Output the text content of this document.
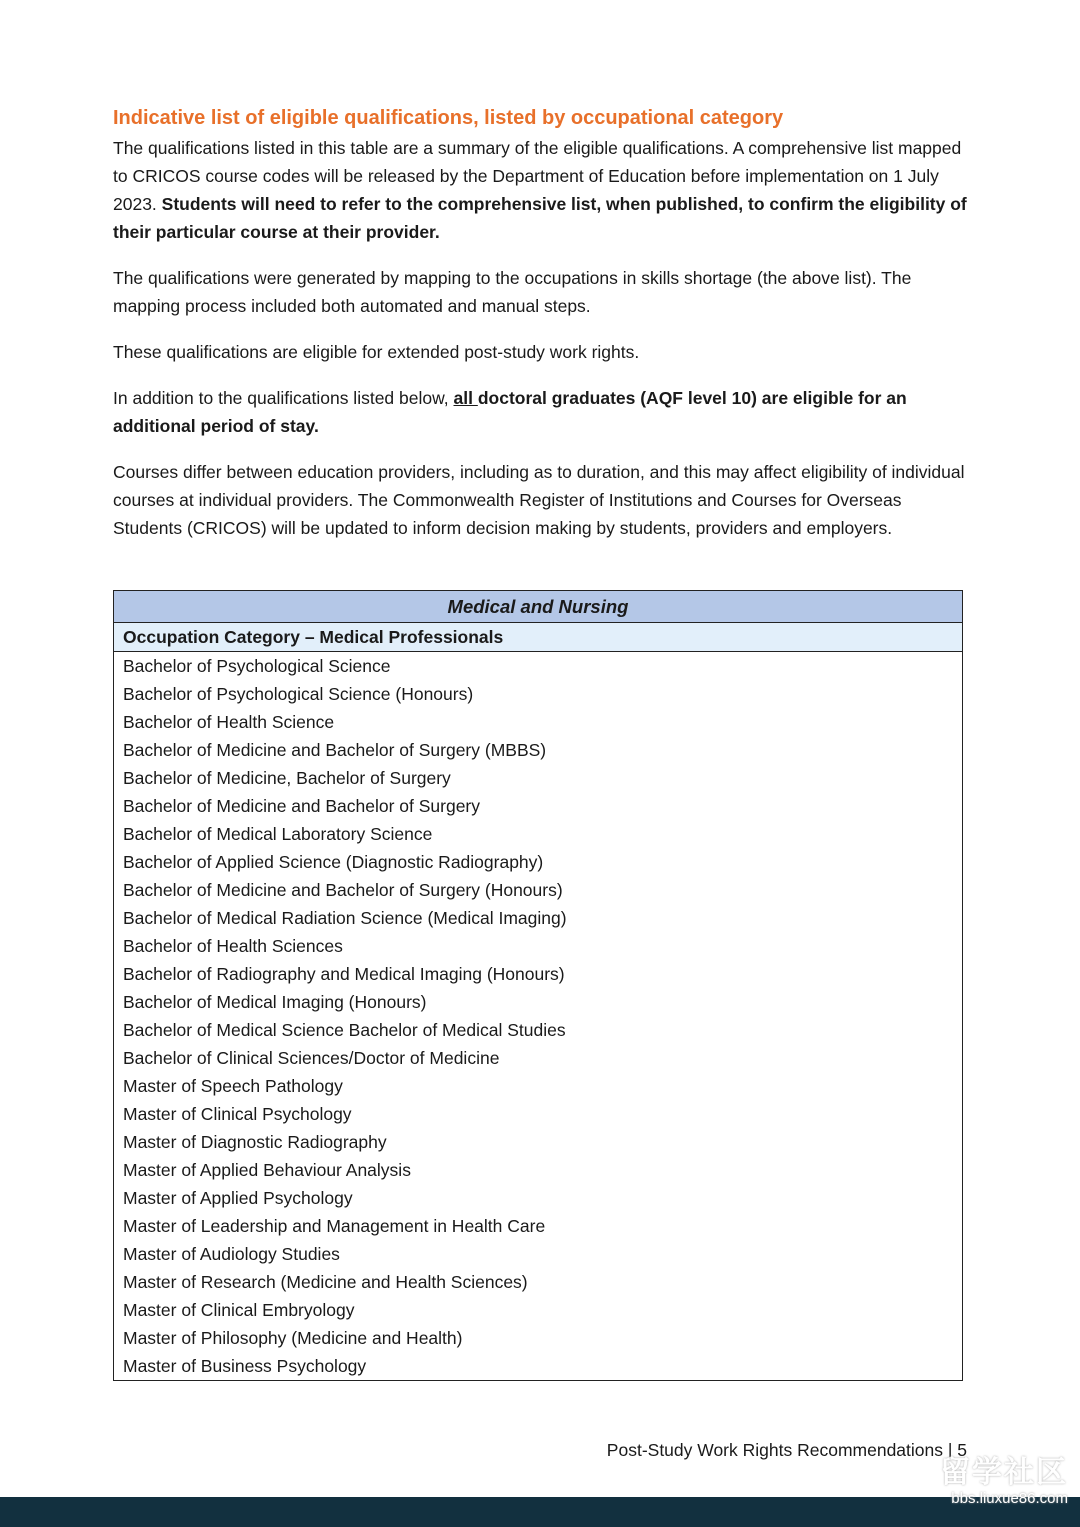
Indicative list of eligible qualifications, listed by occupational category

The qualifications listed in this table are a summary of the eligible qualifications. A comprehensive list mapped to CRICOS course codes will be released by the Department of Education before implementation on 1 July 2023. Students will need to refer to the comprehensive list, when published, to confirm the eligibility of their particular course at their provider.

The qualifications were generated by mapping to the occupations in skills shortage (the above list). The mapping process included both automated and manual steps.

These qualifications are eligible for extended post-study work rights.

In addition to the qualifications listed below, all doctoral graduates (AQF level 10) are eligible for an additional period of stay.

Courses differ between education providers, including as to duration, and this may affect eligibility of individual courses at individual providers. The Commonwealth Register of Institutions and Courses for Overseas Students (CRICOS) will be updated to inform decision making by students, providers and employers.

Medical and Nursing
Occupation Category – Medical Professionals
Bachelor of Psychological Science
Bachelor of Psychological Science (Honours)
Bachelor of Health Science
Bachelor of Medicine and Bachelor of Surgery (MBBS)
Bachelor of Medicine, Bachelor of Surgery
Bachelor of Medicine and Bachelor of Surgery
Bachelor of Medical Laboratory Science
Bachelor of Applied Science (Diagnostic Radiography)
Bachelor of Medicine and Bachelor of Surgery (Honours)
Bachelor of Medical Radiation Science (Medical Imaging)
Bachelor of Health Sciences
Bachelor of Radiography and Medical Imaging (Honours)
Bachelor of Medical Imaging (Honours)
Bachelor of Medical Science Bachelor of Medical Studies
Bachelor of Clinical Sciences/Doctor of Medicine
Master of Speech Pathology
Master of Clinical Psychology
Master of Diagnostic Radiography
Master of Applied Behaviour Analysis
Master of Applied Psychology
Master of Leadership and Management in Health Care
Master of Audiology Studies
Master of Research (Medicine and Health Sciences)
Master of Clinical Embryology
Master of Philosophy (Medicine and Health)
Master of Business Psychology
Post-Study Work Rights Recommendations | 5
留学社区
bbs.liuxue86.com
